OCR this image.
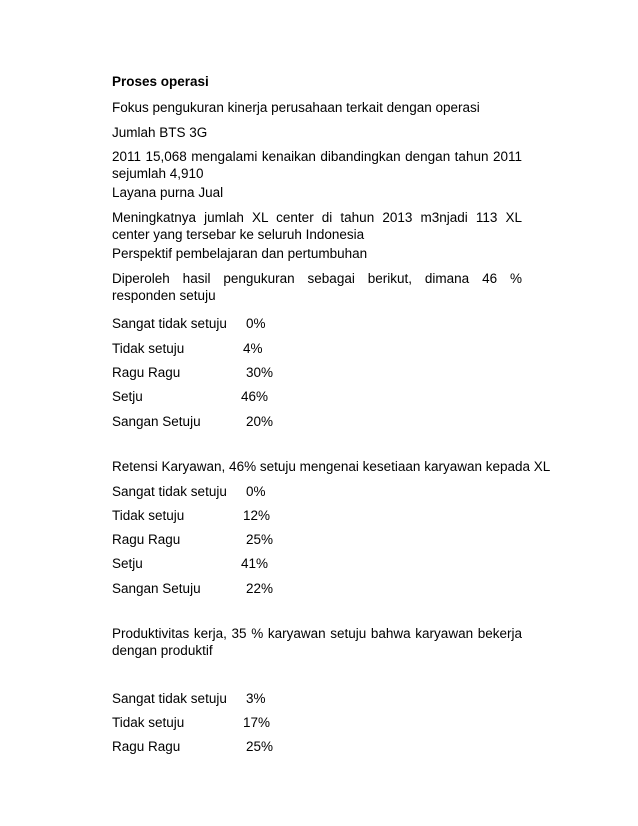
Proses operasi
Fokus pengukuran kinerja perusahaan terkait dengan operasi
Jumlah BTS 3G
2011 15,068 mengalami kenaikan dibandingkan dengan tahun 2011 sejumlah 4,910
Layana purna Jual
Meningkatnya jumlah XL center di tahun 2013 m3njadi 113 XL center yang tersebar ke seluruh Indonesia
Perspektif pembelajaran dan pertumbuhan
Diperoleh hasil pengukuran sebagai berikut, dimana 46 % responden setuju
Sangat tidak setuju 0%
Tidak setuju	4%
Ragu Ragu	30%
Setju	46%
Sangan Setuju	20%
Retensi Karyawan, 46% setuju mengenai kesetiaan karyawan kepada XL
Sangat tidak setuju 0%
Tidak setuju	12%
Ragu Ragu	25%
Setju	41%
Sangan Setuju	22%
Produktivitas kerja, 35 % karyawan setuju bahwa karyawan bekerja dengan produktif
Sangat tidak setuju 3%
Tidak setuju	17%
Ragu Ragu	25%
